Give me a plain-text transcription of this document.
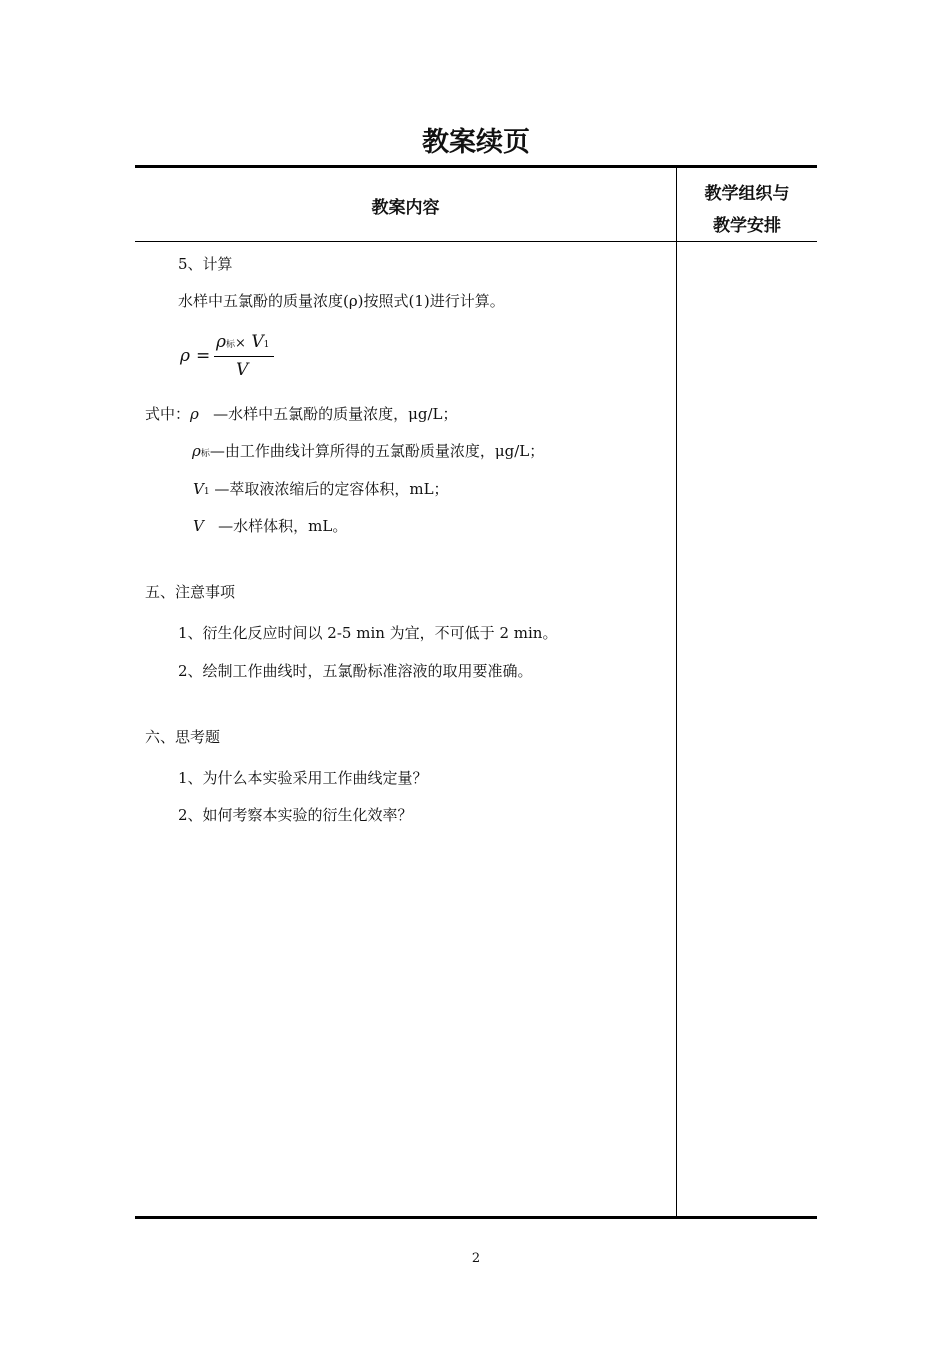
教案续页
教案内容
教学组织与
教学安排
5、计算
水样中五氯酚的质量浓度(ρ)按照式(1)进行计算。
ρ =
ρ标× V1
V
式中：ρ —水样中五氯酚的质量浓度，μg/L；
ρ标—由工作曲线计算所得的五氯酚质量浓度，μg/L；
V1 —萃取液浓缩后的定容体积，mL；
V —水样体积，mL。
五、注意事项
1、衍生化反应时间以 2-5 min 为宜，不可低于 2 min。
2、绘制工作曲线时，五氯酚标准溶液的取用要准确。
六、思考题
1、为什么本实验采用工作曲线定量？
2、如何考察本实验的衍生化效率？
2
